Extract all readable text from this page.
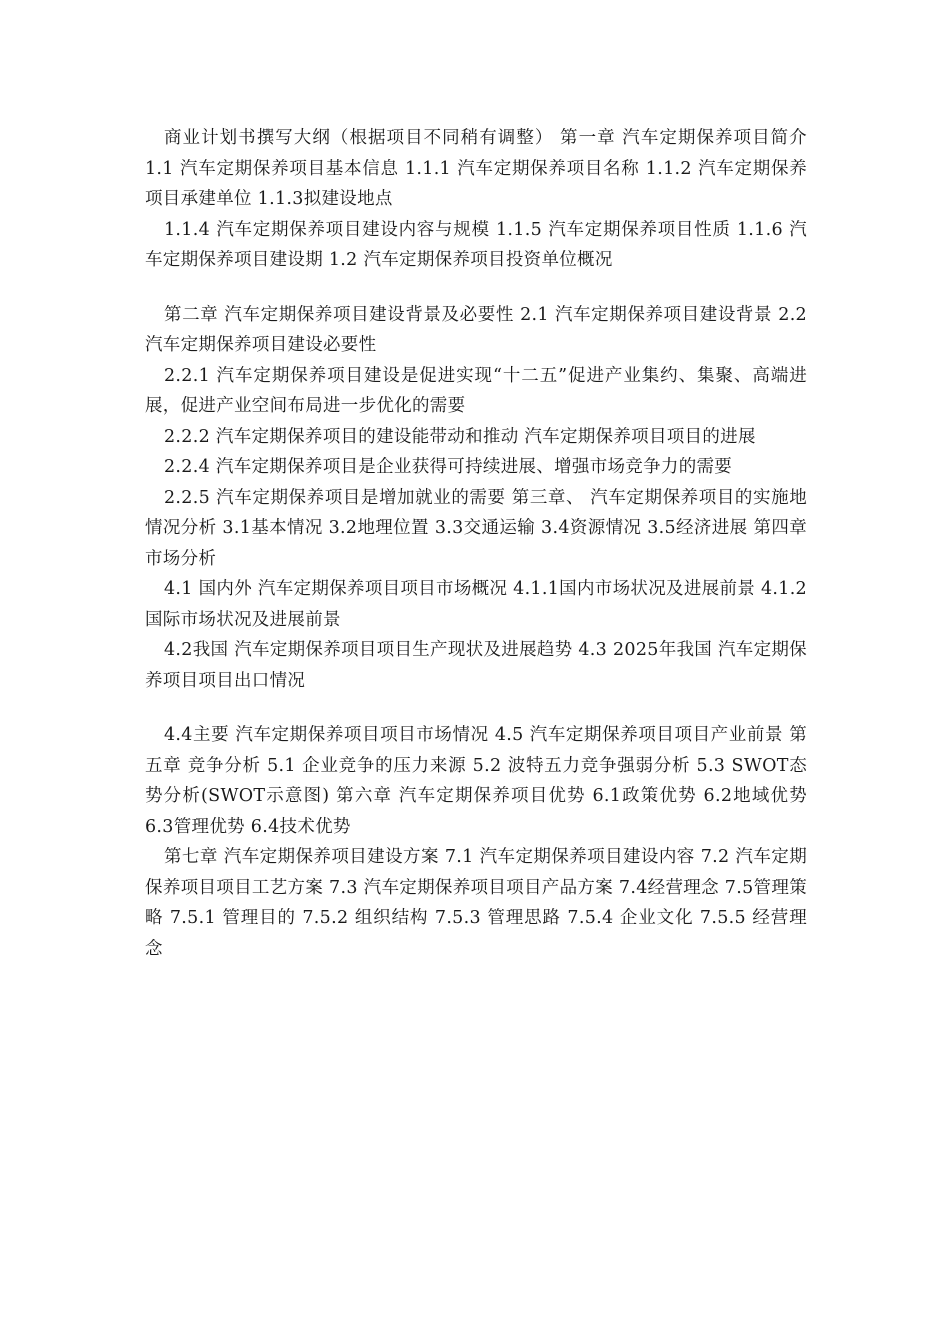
商业计划书撰写大纲（根据项目不同稍有调整） 第一章 汽车定期保养项目简介 1.1 汽车定期保养项目基本信息 1.1.1 汽车定期保养项目名称 1.1.2 汽车定期保养项目承建单位 1.1.3拟建设地点

1.1.4 汽车定期保养项目建设内容与规模 1.1.5 汽车定期保养项目性质 1.1.6 汽车定期保养项目建设期 1.2 汽车定期保养项目投资单位概况

第二章 汽车定期保养项目建设背景及必要性 2.1 汽车定期保养项目建设背景 2.2 汽车定期保养项目建设必要性

2.2.1 汽车定期保养项目建设是促进实现“十二五”促进产业集约、集聚、高端进展，促进产业空间布局进一步优化的需要

2.2.2 汽车定期保养项目的建设能带动和推动 汽车定期保养项目项目的进展

2.2.4 汽车定期保养项目是企业获得可持续进展、增强市场竞争力的需要

2.2.5 汽车定期保养项目是增加就业的需要 第三章、 汽车定期保养项目的实施地情况分析 3.1基本情况 3.2地理位置 3.3交通运输 3.4资源情况 3.5经济进展 第四章 市场分析

4.1 国内外 汽车定期保养项目项目市场概况 4.1.1国内市场状况及进展前景 4.1.2国际市场状况及进展前景

4.2我国 汽车定期保养项目项目生产现状及进展趋势 4.3 2025年我国 汽车定期保养项目项目出口情况

4.4主要 汽车定期保养项目项目市场情况 4.5 汽车定期保养项目项目产业前景 第五章 竞争分析 5.1 企业竞争的压力来源 5.2 波特五力竞争强弱分析 5.3 SWOT态势分析(SWOT示意图) 第六章 汽车定期保养项目优势 6.1政策优势 6.2地域优势 6.3管理优势 6.4技术优势

第七章 汽车定期保养项目建设方案 7.1 汽车定期保养项目建设内容 7.2 汽车定期保养项目项目工艺方案 7.3 汽车定期保养项目项目产品方案 7.4经营理念 7.5管理策略 7.5.1 管理目的 7.5.2 组织结构 7.5.3 管理思路 7.5.4 企业文化 7.5.5 经营理念
